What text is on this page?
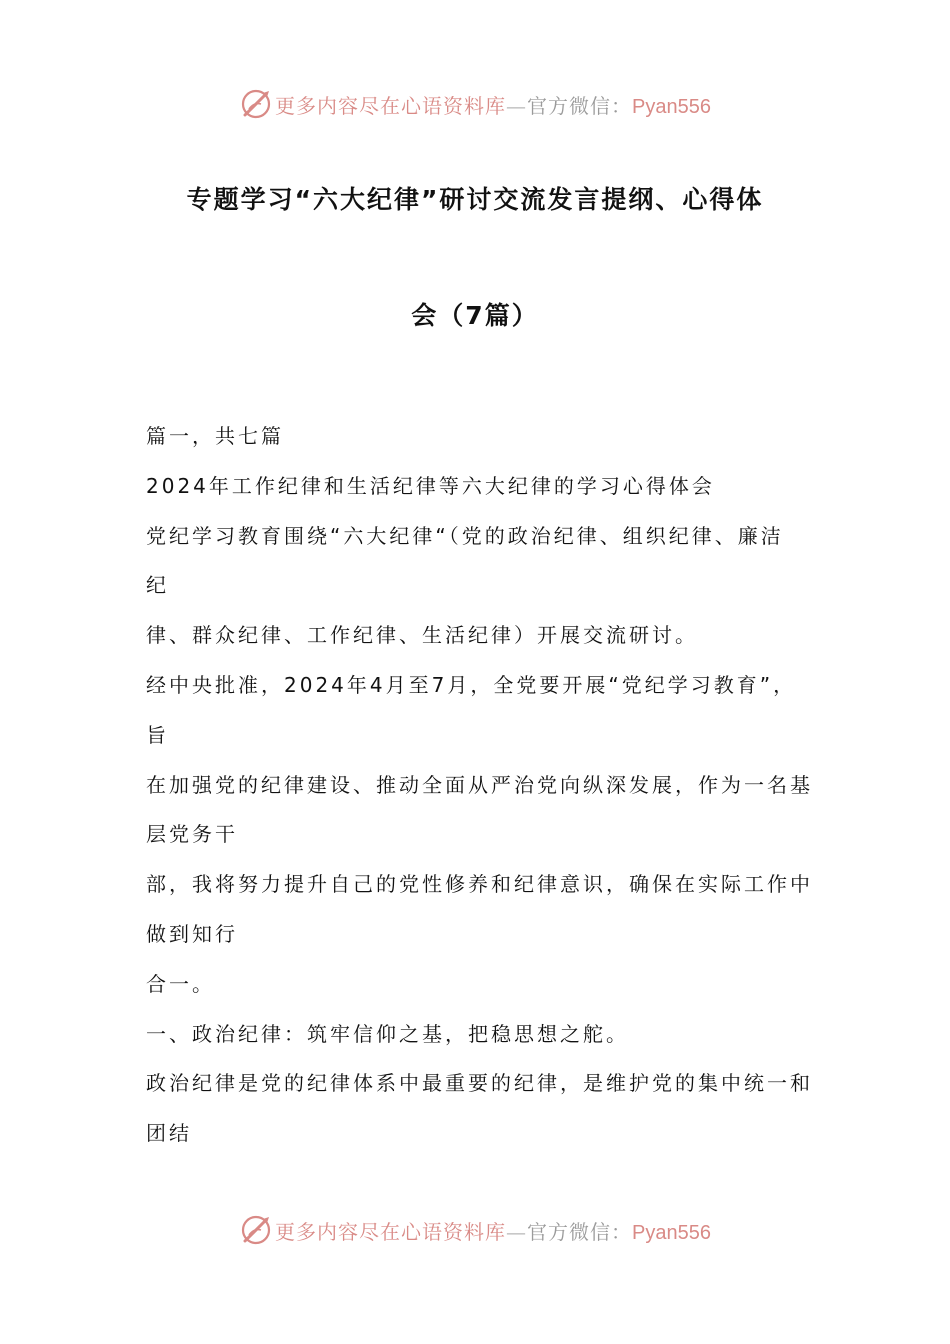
更多内容尽在心语资料库—官方微信：Pyan556
专题学习“六大纪律”研讨交流发言提纲、心得体
会（7篇）
篇一，共七篇
2024年工作纪律和生活纪律等六大纪律的学习心得体会
党纪学习教育围绕“六大纪律“（党的政治纪律、组织纪律、廉洁
纪
律、群众纪律、工作纪律、生活纪律）开展交流研讨。
经中央批准，2024年4月至7月，全党要开展“党纪学习教育”，
旨
在加强党的纪律建设、推动全面从严治党向纵深发展，作为一名基
层党务干
部，我将努力提升自己的党性修养和纪律意识，确保在实际工作中
做到知行
合一。
一、政治纪律：筑牢信仰之基，把稳思想之舵。
政治纪律是党的纪律体系中最重要的纪律，是维护党的集中统一和
团结
更多内容尽在心语资料库—官方微信：Pyan556
